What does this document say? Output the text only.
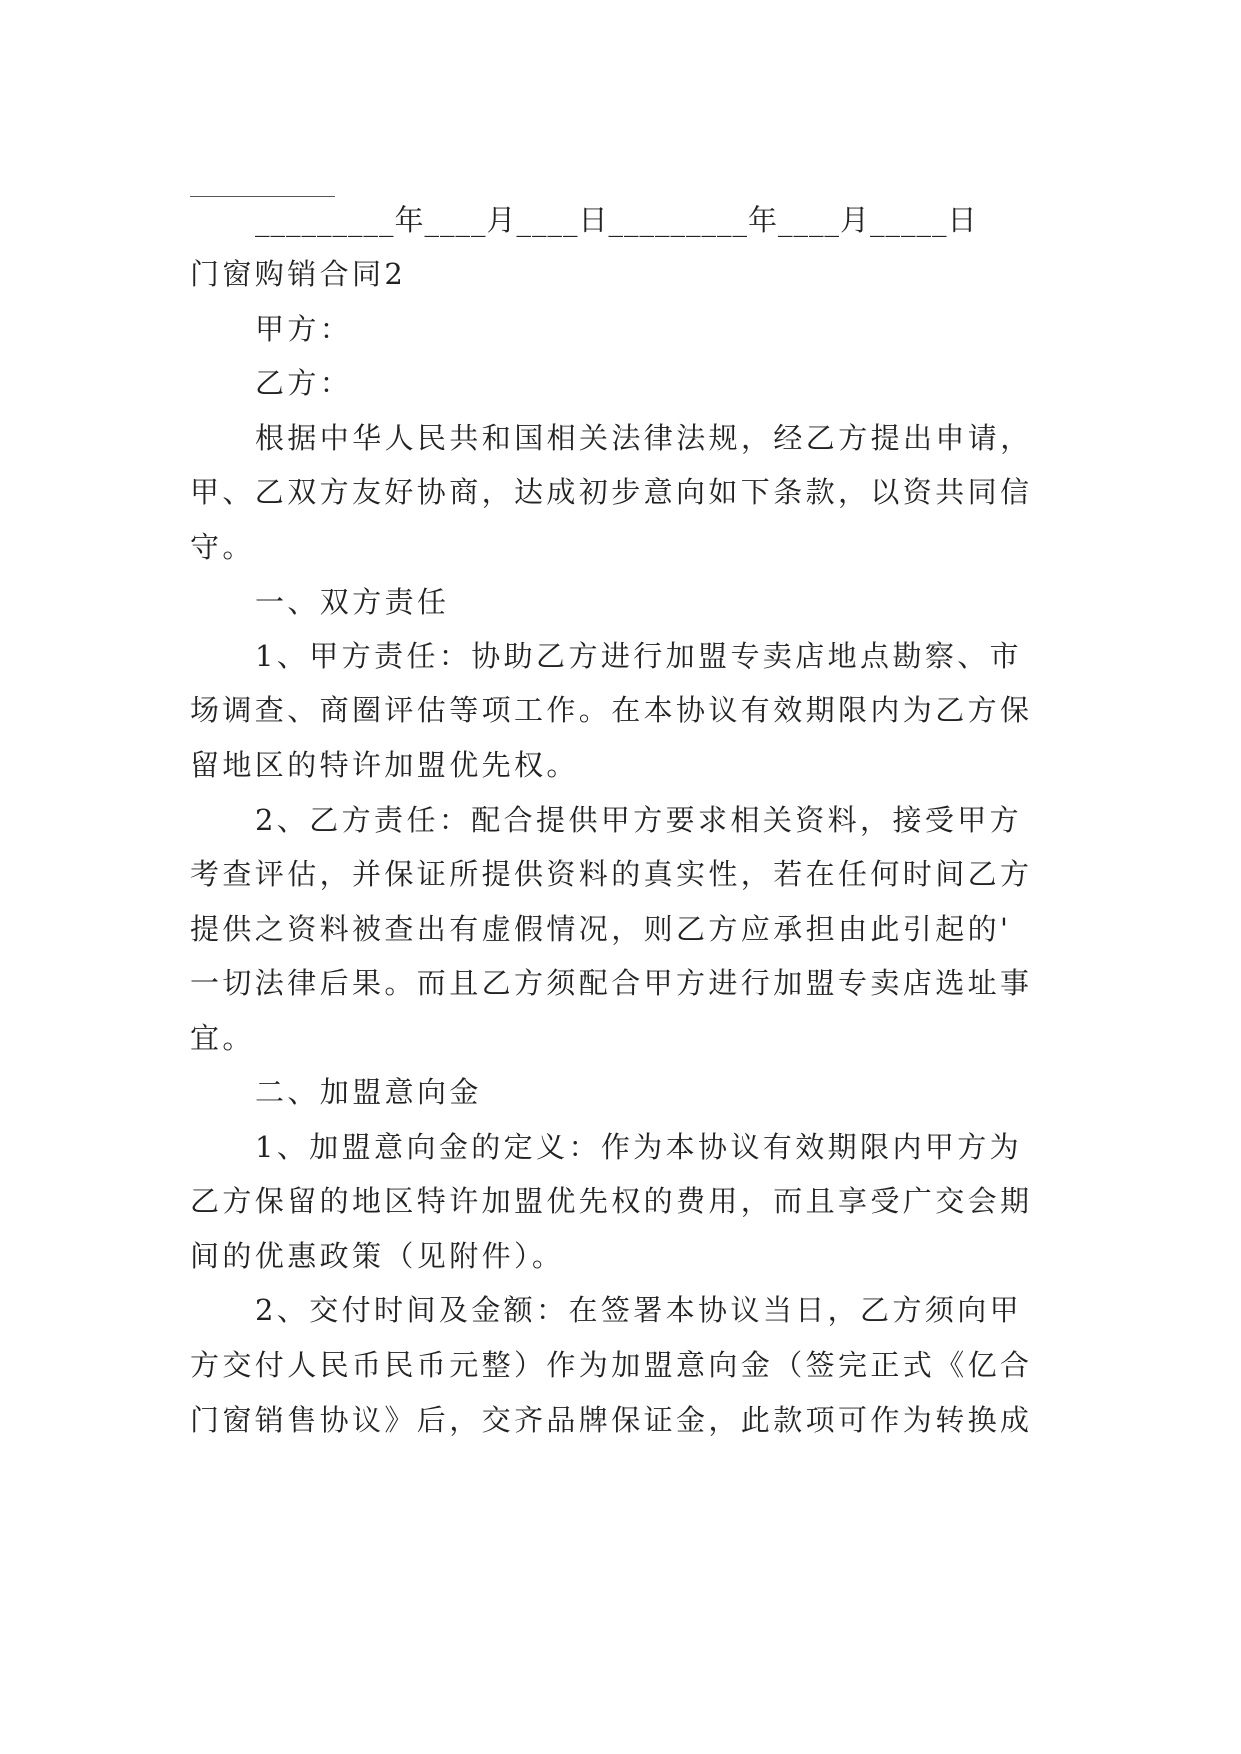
_________年____月____日_________年____月_____日
门窗购销合同2
甲方：
乙方：
根据中华人民共和国相关法律法规，经乙方提出申请，
甲、乙双方友好协商，达成初步意向如下条款，以资共同信
守。
一、双方责任
1、甲方责任：协助乙方进行加盟专卖店地点勘察、市
场调查、商圈评估等项工作。在本协议有效期限内为乙方保
留地区的特许加盟优先权。
2、乙方责任：配合提供甲方要求相关资料，接受甲方
考查评估，并保证所提供资料的真实性，若在任何时间乙方
提供之资料被查出有虚假情况，则乙方应承担由此引起的'
一切法律后果。而且乙方须配合甲方进行加盟专卖店选址事
宜。
二、加盟意向金
1、加盟意向金的定义：作为本协议有效期限内甲方为
乙方保留的地区特许加盟优先权的费用，而且享受广交会期
间的优惠政策（见附件）。
2、交付时间及金额：在签署本协议当日，乙方须向甲
方交付人民币民币元整）作为加盟意向金（签完正式《亿合
门窗销售协议》后，交齐品牌保证金，此款项可作为转换成
